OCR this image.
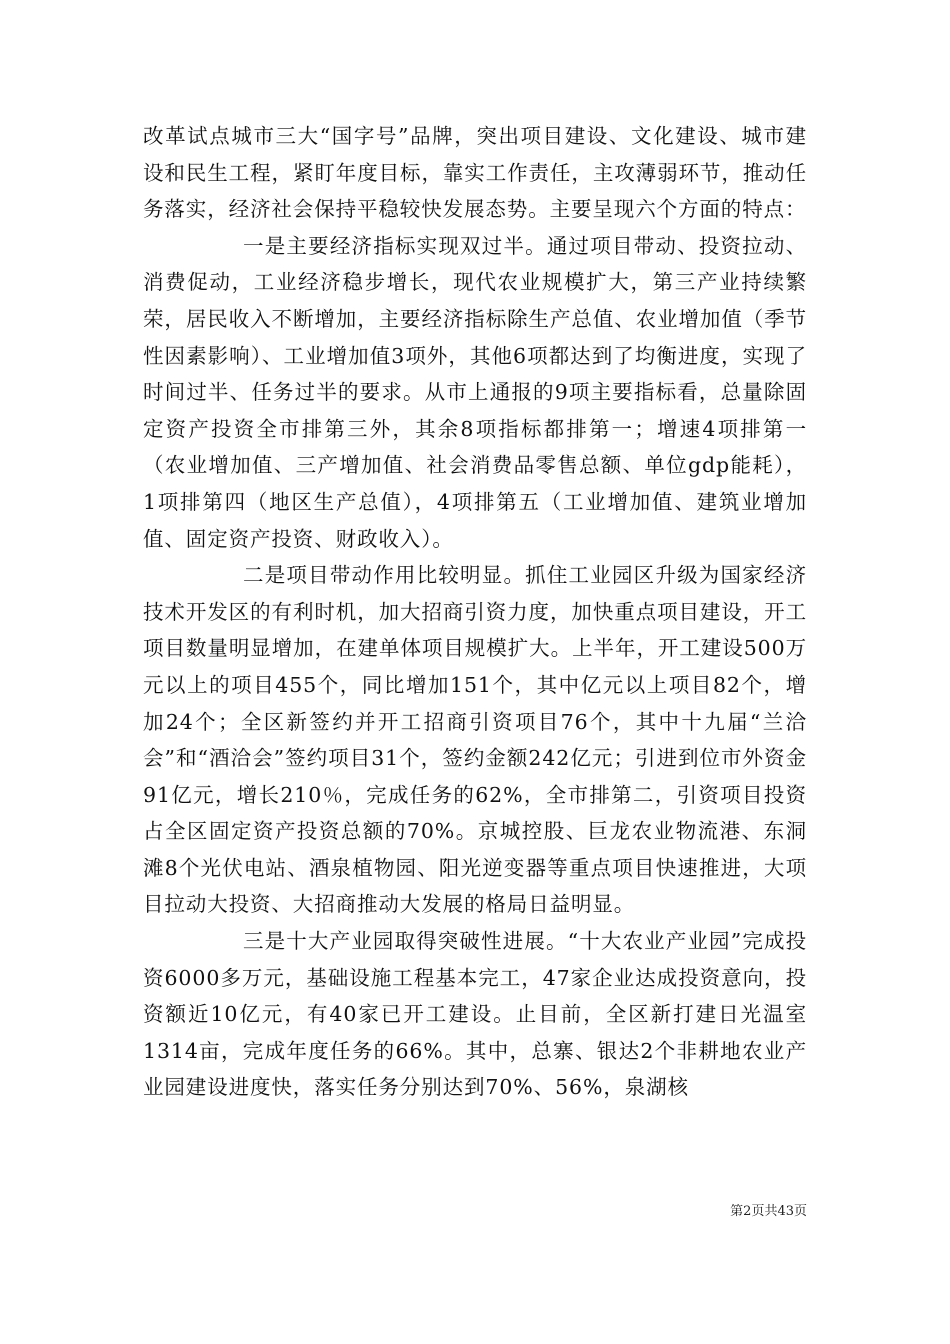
改革试点城市三大“国字号”品牌，突出项目建设、文化建设、城市建设和民生工程，紧盯年度目标，靠实工作责任，主攻薄弱环节，推动任务落实，经济社会保持平稳较快发展态势。主要呈现六个方面的特点：

一是主要经济指标实现双过半。通过项目带动、投资拉动、消费促动，工业经济稳步增长，现代农业规模扩大，第三产业持续繁荣，居民收入不断增加，主要经济指标除生产总值、农业增加值（季节性因素影响）、工业增加值3项外，其他6项都达到了均衡进度，实现了时间过半、任务过半的要求。从市上通报的9项主要指标看，总量除固定资产投资全市排第三外，其余8项指标都排第一；增速4项排第一（农业增加值、三产增加值、社会消费品零售总额、单位gdp能耗），1项排第四（地区生产总值），4项排第五（工业增加值、建筑业增加值、固定资产投资、财政收入）。

二是项目带动作用比较明显。抓住工业园区升级为国家经济技术开发区的有利时机，加大招商引资力度，加快重点项目建设，开工项目数量明显增加，在建单体项目规模扩大。上半年，开工建设500万元以上的项目455个，同比增加151个，其中亿元以上项目82个，增加24个；全区新签约并开工招商引资项目76个，其中十九届“兰洽会”和“酒洽会”签约项目31个，签约金额242亿元；引进到位市外资金91亿元，增长210％，完成任务的62%，全市排第二，引资项目投资占全区固定资产投资总额的70%。京城控股、巨龙农业物流港、东洞滩8个光伏电站、酒泉植物园、阳光逆变器等重点项目快速推进，大项目拉动大投资、大招商推动大发展的格局日益明显。

三是十大产业园取得突破性进展。“十大农业产业园”完成投资6000多万元，基础设施工程基本完工，47家企业达成投资意向，投资额近10亿元，有40家已开工建设。止目前，全区新打建日光温室1314亩，完成年度任务的66%。其中，总寨、银达2个非耕地农业产业园建设进度快，落实任务分别达到70%、56%，泉湖核

第2页共43页
